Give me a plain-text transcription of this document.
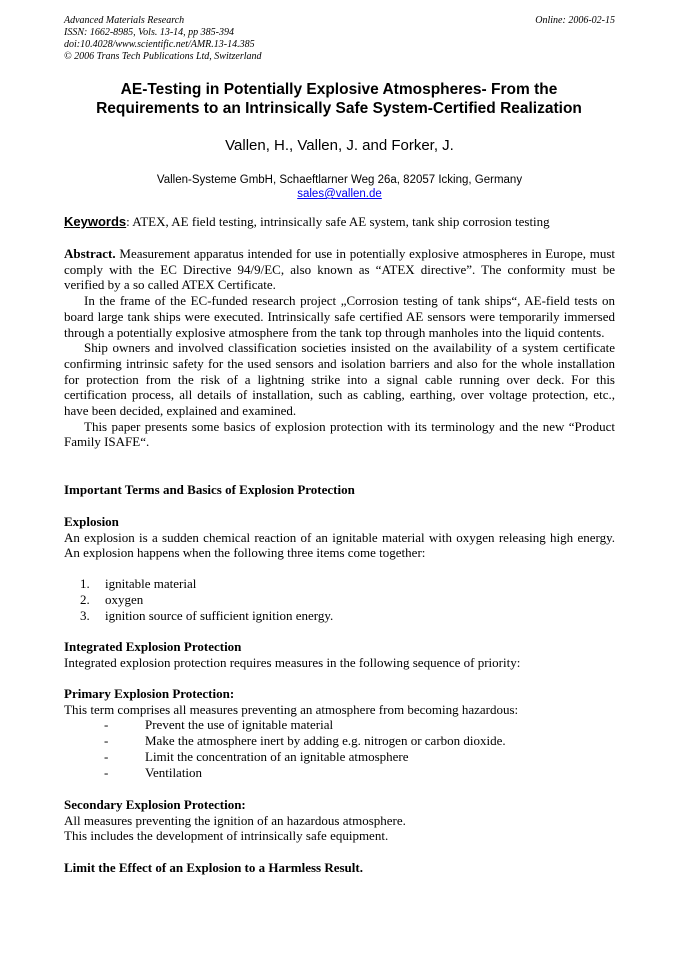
Advanced Materials Research
ISSN: 1662-8985, Vols. 13-14, pp 385-394
doi:10.4028/www.scientific.net/AMR.13-14.385
© 2006 Trans Tech Publications Ltd, Switzerland
Online: 2006-02-15
AE-Testing in Potentially Explosive Atmospheres- From the
Requirements to an Intrinsically Safe System-Certified Realization
Vallen, H., Vallen, J. and Forker, J.
Vallen-Systeme GmbH, Schaeftlarner Weg 26a, 82057 Icking, Germany
sales@vallen.de
Keywords: ATEX, AE field testing, intrinsically safe AE system, tank ship corrosion testing
Abstract. Measurement apparatus intended for use in potentially explosive atmospheres in Europe, must comply with the EC Directive 94/9/EC, also known as “ATEX directive”. The conformity must be verified by a so called ATEX Certificate.
In the frame of the EC-funded research project „Corrosion testing of tank ships“, AE-field tests on board large tank ships were executed. Intrinsically safe certified AE sensors were temporarily immersed through a potentially explosive atmosphere from the tank top through manholes into the liquid contents.
Ship owners and involved classification societies insisted on the availability of a system certificate confirming intrinsic safety for the used sensors and isolation barriers and also for the whole installation for protection from the risk of a lightning strike into a signal cable running over deck. For this certification process, all details of installation, such as cabling, earthing, over voltage protection, etc., have been decided, explained and examined.
This paper presents some basics of explosion protection with its terminology and the new “Product Family ISAFE“.
Important Terms and Basics of Explosion Protection
Explosion
An explosion is a sudden chemical reaction of an ignitable material with oxygen releasing high energy. An explosion happens when the following three items come together:
1. ignitable material
2. oxygen
3. ignition source of sufficient ignition energy.
Integrated Explosion Protection
Integrated explosion protection requires measures in the following sequence of priority:
Primary Explosion Protection:
This term comprises all measures preventing an atmosphere from becoming hazardous:
-	Prevent the use of ignitable material
-	Make the atmosphere inert by adding e.g. nitrogen or carbon dioxide.
-	Limit the concentration of an ignitable atmosphere
-	Ventilation
Secondary Explosion Protection:
All measures preventing the ignition of an hazardous atmosphere.
This includes the development of intrinsically safe equipment.
Limit the Effect of an Explosion to a Harmless Result.
